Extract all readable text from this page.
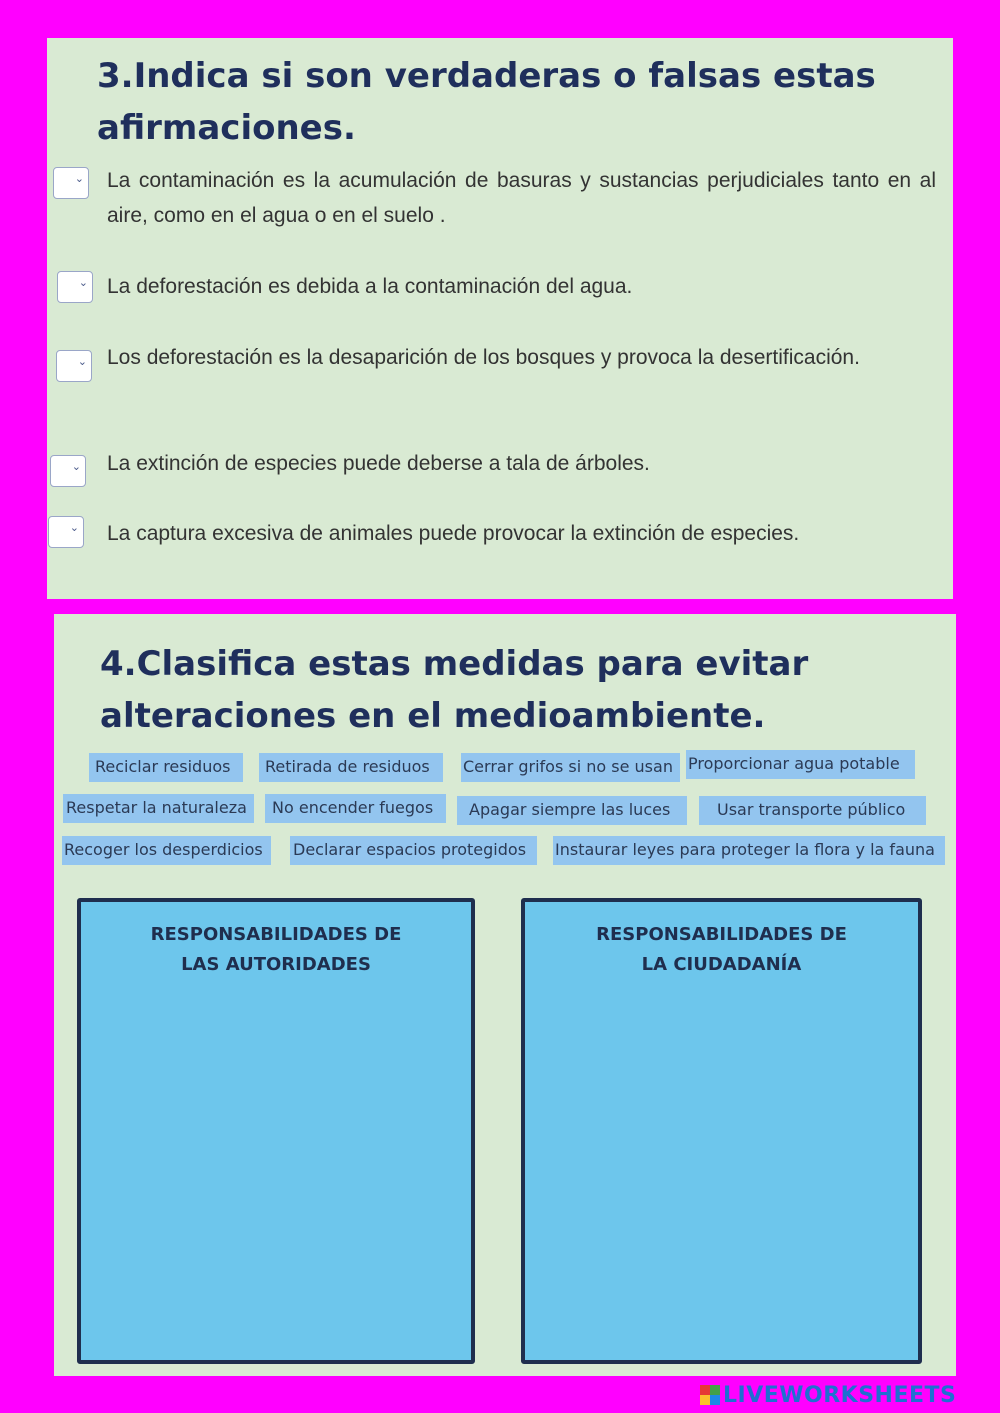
3.Indica si son verdaderas o falsas estas afirmaciones.
⌄ La contaminación es la acumulación de basuras y sustancias perjudiciales tanto en al aire, como en el agua o en el suelo .

⌄ La deforestación es debida a la contaminación del agua.

⌄ Los deforestación es la desaparición de los bosques y provoca la desertificación.

⌄ La extinción de especies puede deberse a tala de árboles.

⌄ La captura excesiva de animales puede provocar la extinción de especies.

4.Clasifica estas medidas para evitar alteraciones en el medioambiente.
Reciclar residuos	Retirada de residuos	Cerrar grifos si no se usan Proporcionar agua potable
Respetar la naturaleza	No encender fuegos	Apagar siempre las luces	Usar transporte público
Recoger los desperdicios	Declarar espacios protegidos	Instaurar leyes para proteger la flora y la fauna
RESPONSABILIDADES DE
LAS AUTORIDADES
RESPONSABILIDADES DE
LA CIUDADANÍA
LIVEWORKSHEETS
